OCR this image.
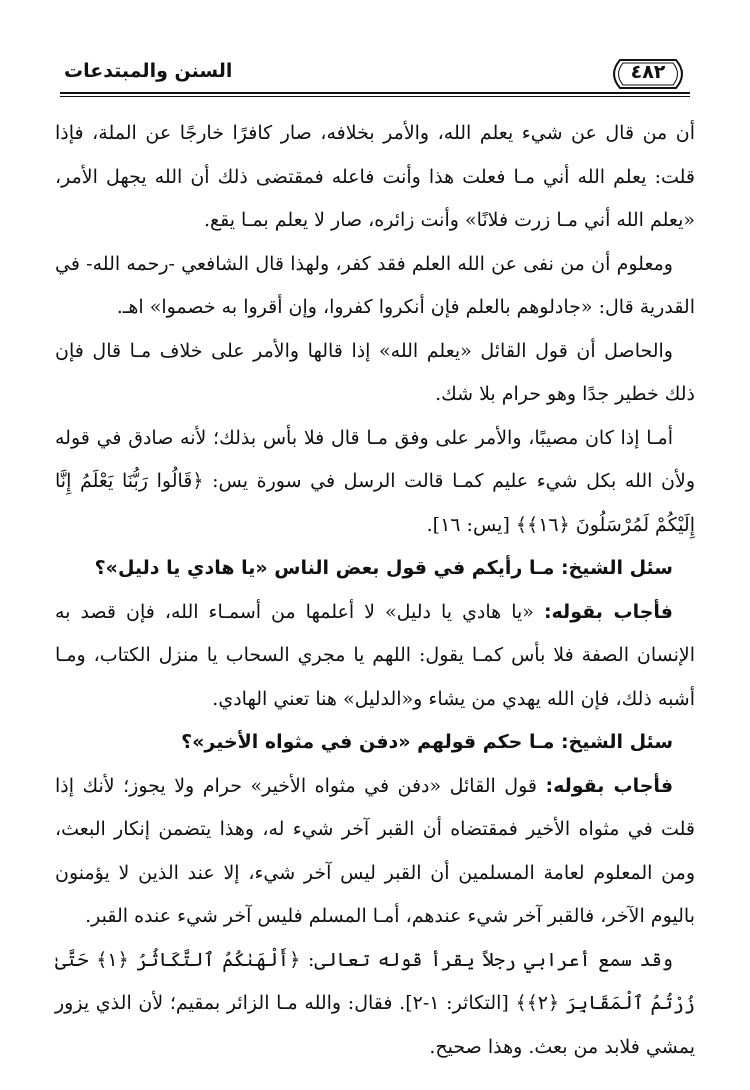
السنن والمبتدعات	٤٨٢

أن من قال عن شيء يعلم الله، والأمر بخلافه، صار كافرًا خارجًا عن الملة، فإذا قلت: يعلم الله أني مـا فعلت هذا وأنت فاعله فمقتضى ذلك أن الله يجهل الأمر، «يعلم الله أني مـا زرت فلانًا» وأنت زائره، صار لا يعلم بمـا يقع.

ومعلوم أن من نفى عن الله العلم فقد كفر، ولهذا قال الشافعي -رحمه الله- في القدرية قال: «جادلوهم بالعلم فإن أنكروا كفروا، وإن أقروا به خصموا» اهـ.

والحاصل أن قول القائل «يعلم الله» إذا قالها والأمر على خلاف مـا قال فإن ذلك خطير جدًا وهو حرام بلا شك.

أمـا إذا كان مصيبًا، والأمر على وفق مـا قال فلا بأس بذلك؛ لأنه صادق في قوله ولأن الله بكل شيء عليم كمـا قالت الرسل في سورة يس: ﴿قَالُوا رَبُّنَا يَعْلَمُ إِنَّا إِلَيْكُمْ لَمُرْسَلُونَ ﴿١٦﴾﴾ [يس: ١٦].

سئل الشيخ: مـا رأيكم في قول بعض الناس «يا هادي يا دليل»؟

فأجاب بقوله: «يا هادي يا دليل» لا أعلمها من أسمـاء الله، فإن قصد به الإنسان الصفة فلا بأس كمـا يقول: اللهم يا مجري السحاب يا منزل الكتاب، ومـا أشبه ذلك، فإن الله يهدي من يشاء و«الدليل» هنا تعني الهادي.

سئل الشيخ: مـا حكم قولهم «دفن في مثواه الأخير»؟

فأجاب بقوله: قول القائل «دفن في مثواه الأخير» حرام ولا يجوز؛ لأنك إذا قلت في مثواه الأخير فمقتضاه أن القبر آخر شيء له، وهذا يتضمن إنكار البعث، ومن المعلوم لعامة المسلمين أن القبر ليس آخر شيء، إلا عند الذين لا يؤمنون باليوم الآخر، فالقبر آخر شيء عندهم، أمـا المسلم فليس آخر شيء عنده القبر.

وقد سمع أعرابي رجلاً يقرأ قوله تعالى: ﴿أَلْهَىٰكُمُ ٱلتَّكَاثُرُ ﴿١﴾ حَتَّىٰ زُرْتُمُ ٱلْمَقَابِرَ ﴿٢﴾﴾ [التكاثر: ١-٢]. فقال: والله مـا الزائر بمقيم؛ لأن الذي يزور يمشي فلابد من بعث. وهذا صحيح.
